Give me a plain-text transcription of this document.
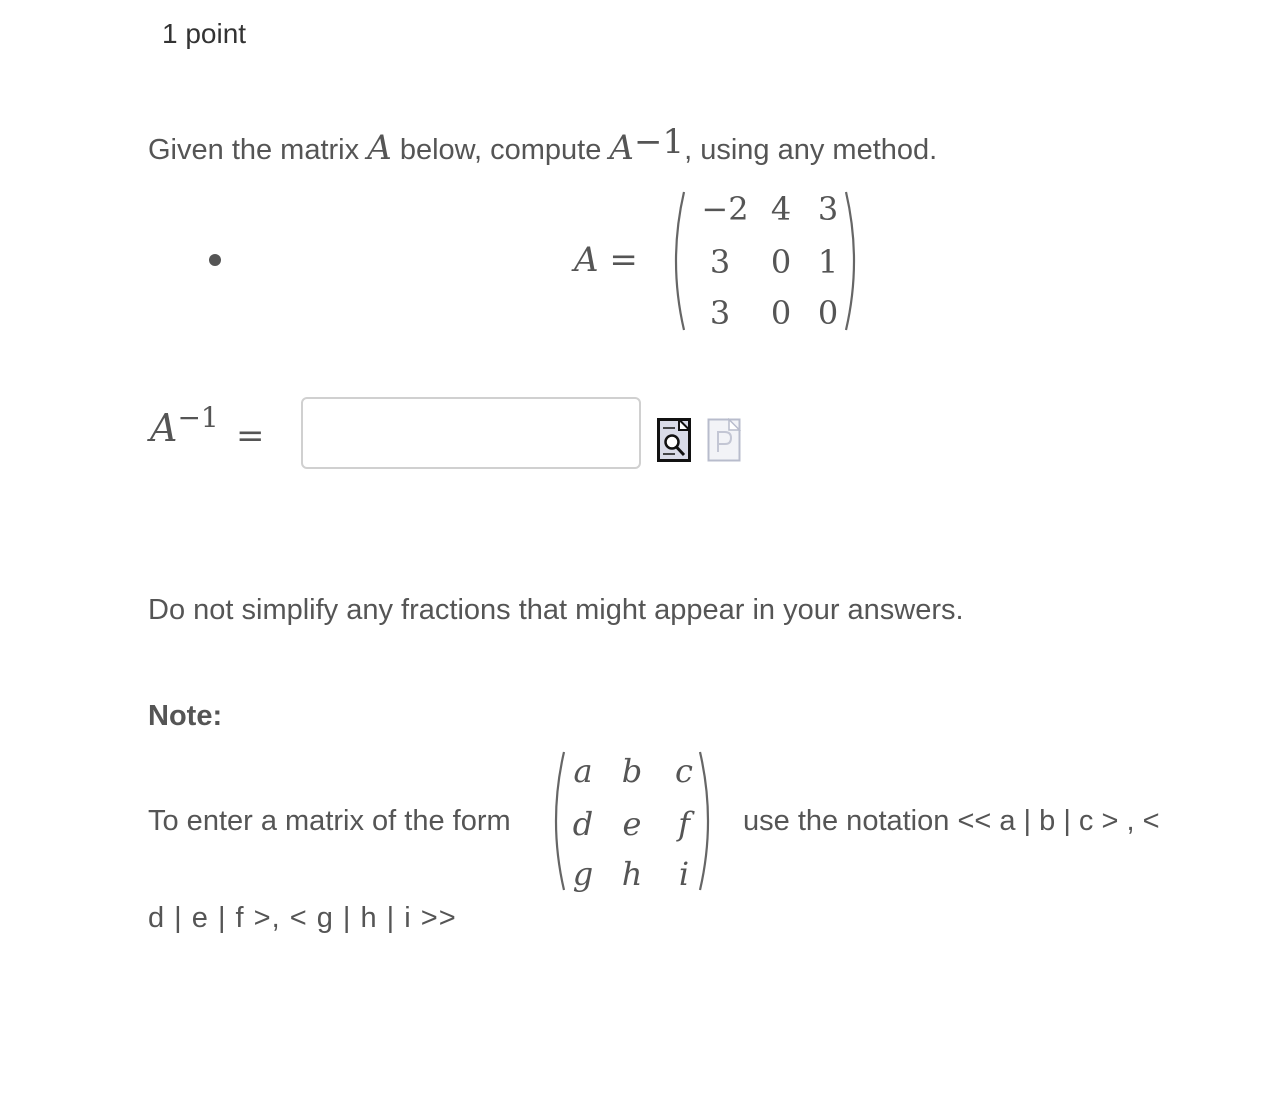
1 point
Given the matrix A below, compute $A^{-1}$, using any method.
A =
−2 4 3
3	0 1
3	0 0
$A^{-1}$ =
Do not simplify any fractions that might appear in your answers.
Note:
To enter a matrix of the form
a b	c
d e	f
g h	i
use the notation << a | b | c > , <
d | e | f >, < g | h | i >>
